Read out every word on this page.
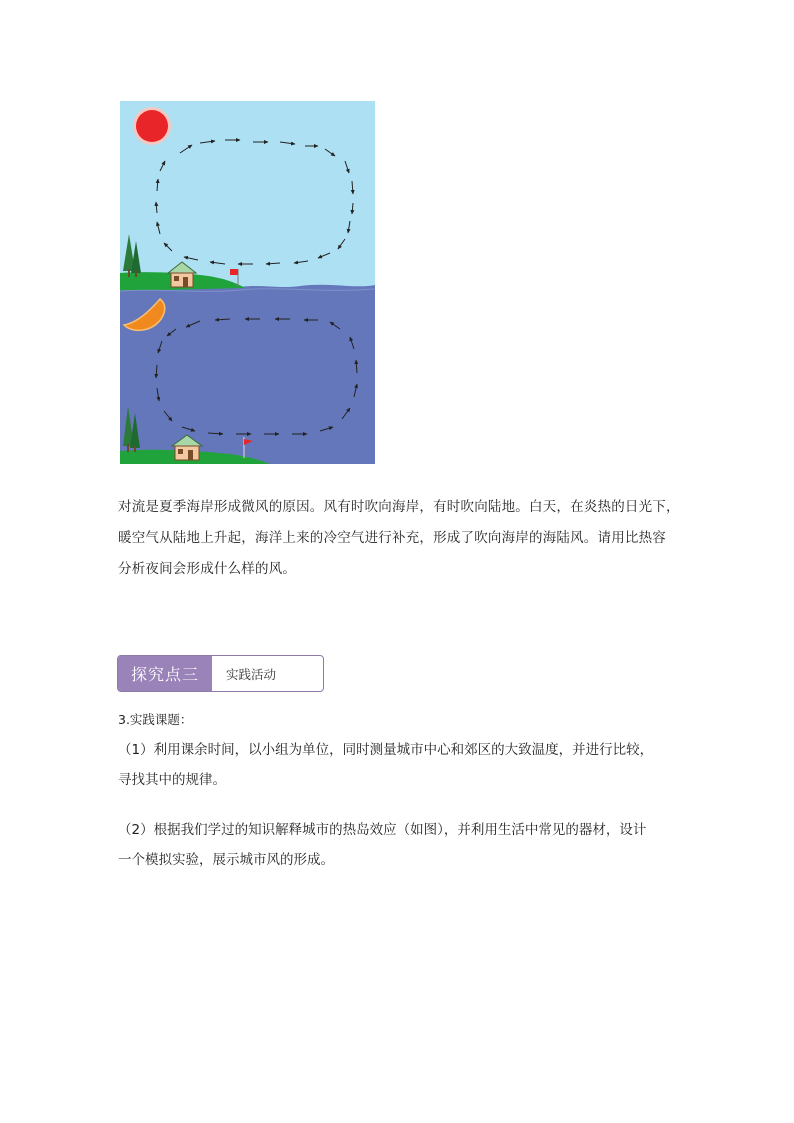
对流是夏季海岸形成微风的原因。风有时吹向海岸，有时吹向陆地。白天，在炎热的日光下，
暖空气从陆地上升起，海洋上来的冷空气进行补充，形成了吹向海岸的海陆风。请用比热容
分析夜间会形成什么样的风。
探究点三	实践活动
3.实践课题：
（1）利用课余时间，以小组为单位，同时测量城市中心和郊区的大致温度，并进行比较，
寻找其中的规律。
（2）根据我们学过的知识解释城市的热岛效应（如图），并利用生活中常见的器材，设计
一个模拟实验，展示城市风的形成。
